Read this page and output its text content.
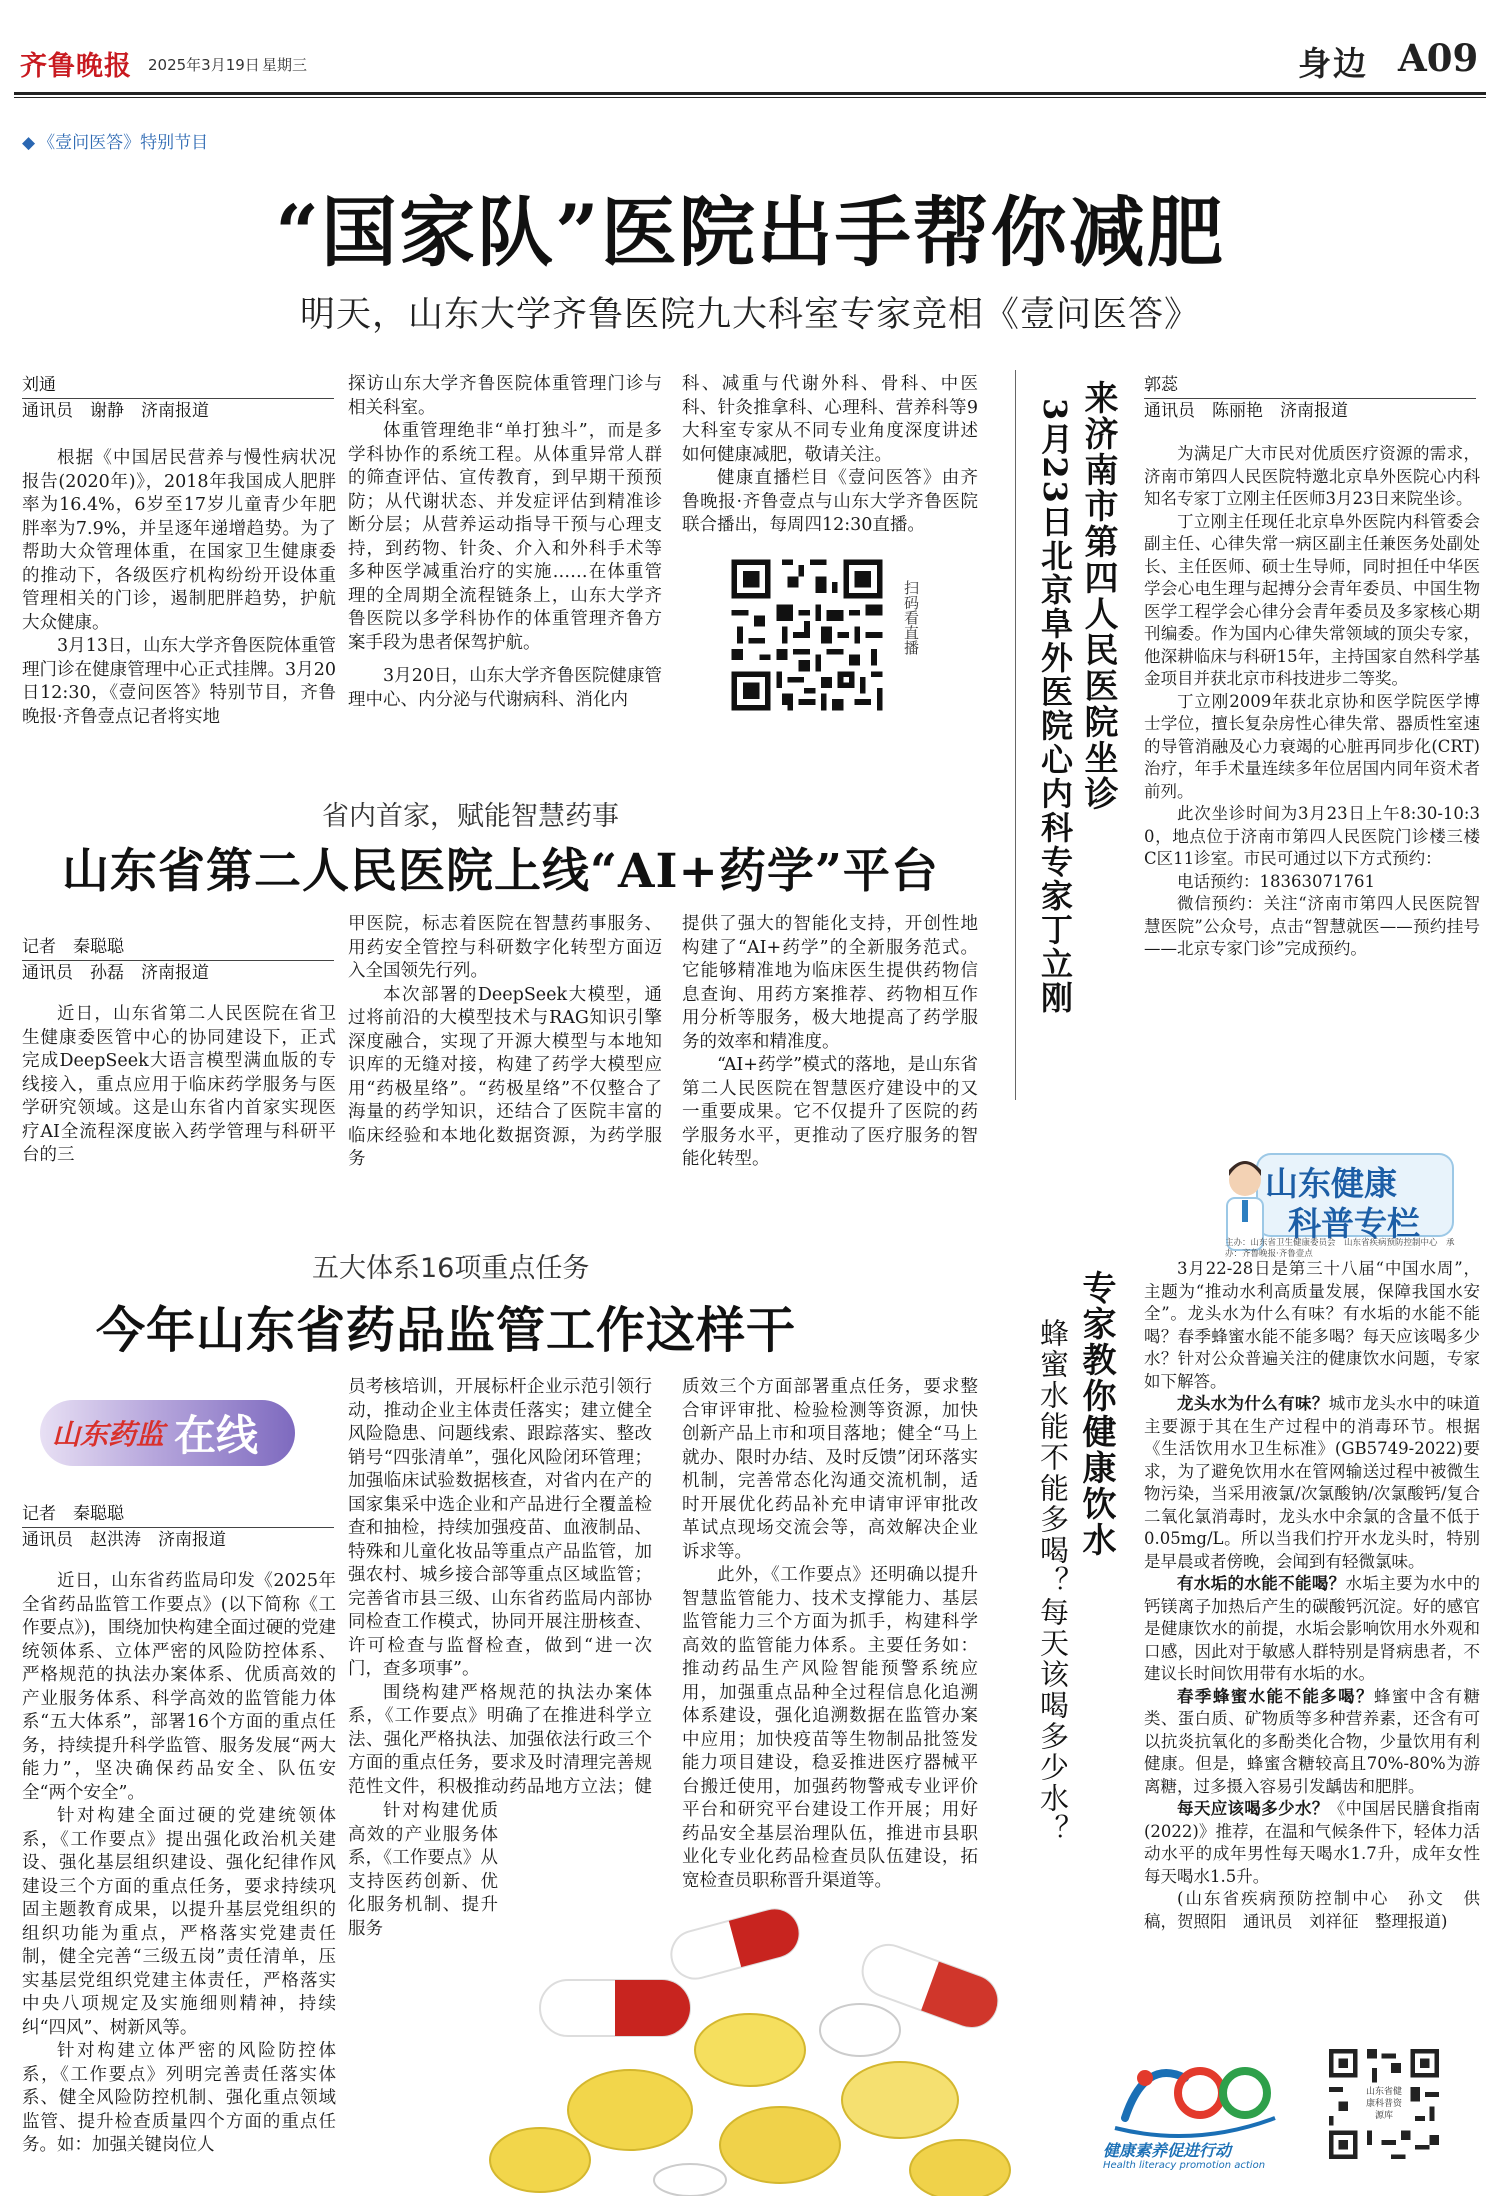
齐鲁晚报 2025年3月19日 星期三	身边 A09
◆ 《壹问医答》特别节目
“国家队”医院出手帮你减肥
明天，山东大学齐鲁医院九大科室专家竞相《壹问医答》
刘通
通讯员　谢静　济南报道

根据《中国居民营养与慢性病状况报告(2020年)》，2018年我国成人肥胖率为16.4%，6岁至17岁儿童青少年肥胖率为7.9%，并呈逐年递增趋势。为了帮助大众管理体重，在国家卫生健康委的推动下，各级医疗机构纷纷开设体重管理相关的门诊，遏制肥胖趋势，护航大众健康。

3月13日，山东大学齐鲁医院体重管理门诊在健康管理中心正式挂牌。3月20日12:30，《壹问医答》特别节目，齐鲁晚报·齐鲁壹点记者将实地

探访山东大学齐鲁医院体重管理门诊与相关科室。

体重管理绝非“单打独斗”，而是多学科协作的系统工程。从体重异常人群的筛查评估、宣传教育，到早期干预预防；从代谢状态、并发症评估到精准诊断分层；从营养运动指导干预与心理支持，到药物、针灸、介入和外科手术等多种医学减重治疗的实施……在体重管理的全周期全流程链条上，山东大学齐鲁医院以多学科协作的体重管理齐鲁方案手段为患者保驾护航。

3月20日，山东大学齐鲁医院健康管理中心、内分泌与代谢病科、消化内

科、减重与代谢外科、骨科、中医科、针灸推拿科、心理科、营养科等9大科室专家从不同专业角度深度讲述如何健康减肥，敬请关注。

健康直播栏目《壹问医答》由齐鲁晚报·齐鲁壹点与山东大学齐鲁医院联合播出，每周四12:30直播。

扫码看直播
省内首家，赋能智慧药事
山东省第二人民医院上线“AI+药学”平台
记者　秦聪聪
通讯员　孙磊　济南报道

近日，山东省第二人民医院在省卫生健康委医管中心的协同建设下，正式完成DeepSeek大语言模型满血版的专线接入，重点应用于临床药学服务与医学研究领域。这是山东省内首家实现医疗AI全流程深度嵌入药学管理与科研平台的三

甲医院，标志着医院在智慧药事服务、用药安全管控与科研数字化转型方面迈入全国领先行列。

本次部署的DeepSeek大模型，通过将前沿的大模型技术与RAG知识引擎深度融合，实现了开源大模型与本地知识库的无缝对接，构建了药学大模型应用“药极星络”。“药极星络”不仅整合了海量的药学知识，还结合了医院丰富的临床经验和本地化数据资源，为药学服务

提供了强大的智能化支持，开创性地构建了“AI+药学”的全新服务范式。它能够精准地为临床医生提供药物信息查询、用药方案推荐、药物相互作用分析等服务，极大地提高了药学服务的效率和精准度。

“AI+药学”模式的落地，是山东省第二人民医院在智慧医疗建设中的又一重要成果。它不仅提升了医院的药学服务水平，更推动了医疗服务的智能化转型。

五大体系16项重点任务
今年山东省药品监管工作这样干
山东药监 在线
记者　秦聪聪
通讯员　赵洪涛　济南报道

近日，山东省药监局印发《2025年全省药品监管工作要点》(以下简称《工作要点》)，围绕加快构建全面过硬的党建统领体系、立体严密的风险防控体系、严格规范的执法办案体系、优质高效的产业服务体系、科学高效的监管能力体系“五大体系”，部署16个方面的重点任务，持续提升科学监管、服务发展“两大能力”，坚决确保药品安全、队伍安全“两个安全”。

针对构建全面过硬的党建统领体系，《工作要点》提出强化政治机关建设、强化基层组织建设、强化纪律作风建设三个方面的重点任务，要求持续巩固主题教育成果，以提升基层党组织的组织功能为重点，严格落实党建责任制，健全完善“三级五岗”责任清单，压实基层党组织党建主体责任，严格落实中央八项规定及实施细则精神，持续纠“四风”、树新风等。

针对构建立体严密的风险防控体系，《工作要点》列明完善责任落实体系、健全风险防控机制、强化重点领域监管、提升检查质量四个方面的重点任务。如：加强关键岗位人

员考核培训，开展标杆企业示范引领行动，推动企业主体责任落实；建立健全风险隐患、问题线索、跟踪落实、整改销号“四张清单”，强化风险闭环管理；加强临床试验数据核查，对省内在产的国家集采中选企业和产品进行全覆盖检查和抽检，持续加强疫苗、血液制品、特殊和儿童化妆品等重点产品监管，加强农村、城乡接合部等重点区域监管；完善省市县三级、山东省药监局内部协同检查工作模式，协同开展注册核查、许可检查与监督检查，做到“进一次门，查多项事”。

围绕构建严格规范的执法办案体系，《工作要点》明确了在推进科学立法、强化严格执法、加强依法行政三个方面的重点任务，要求及时清理完善规范性文件，积极推动药品地方立法；健

针对构建优质高效的产业服务体系，《工作要点》从支持医药创新、优化服务机制、提升服务

质效三个方面部署重点任务，要求整合审评审批、检验检测等资源，加快创新产品上市和项目落地；健全“马上就办、限时办结、及时反馈”闭环落实机制，完善常态化沟通交流机制，适时开展优化药品补充申请审评审批改革试点现场交流会等，高效解决企业诉求等。

此外，《工作要点》还明确以提升智慧监管能力、技术支撑能力、基层监管能力三个方面为抓手，构建科学高效的监管能力体系。主要任务如：推动药品生产风险智能预警系统应用，加强重点品种全过程信息化追溯体系建设，强化追溯数据在监管办案中应用；加快疫苗等生物制品批签发能力项目建设，稳妥推进医疗器械平台搬迁使用，加强药物警戒专业评价平台和研究平台建设工作开展；用好药品安全基层治理队伍，推进市县职业化专业化药品检查员队伍建设，拓宽检查员职称晋升渠道等。

来济南市第四人民医院坐诊
3月23日北京阜外医院心内科专家丁立刚
郭蕊
通讯员　陈丽艳　济南报道

为满足广大市民对优质医疗资源的需求，济南市第四人民医院特邀北京阜外医院心内科知名专家丁立刚主任医师3月23日来院坐诊。

丁立刚主任现任北京阜外医院内科管委会副主任、心律失常一病区副主任兼医务处副处长、主任医师、硕士生导师，同时担任中华医学会心电生理与起搏分会青年委员、中国生物医学工程学会心律分会青年委员及多家核心期刊编委。作为国内心律失常领域的顶尖专家，他深耕临床与科研15年，主持国家自然科学基金项目并获北京市科技进步二等奖。

丁立刚2009年获北京协和医学院医学博士学位，擅长复杂房性心律失常、器质性室速的导管消融及心力衰竭的心脏再同步化(CRT)治疗，年手术量连续多年位居国内同年资术者前列。

此次坐诊时间为3月23日上午8:30-10:30，地点位于济南市第四人民医院门诊楼三楼C区11诊室。市民可通过以下方式预约：

电话预约：18363071761

微信预约：关注“济南市第四人民医院智慧医院”公众号，点击“智慧就医——预约挂号——北京专家门诊”完成预约。

山东健康
科普专栏
主办：山东省卫生健康委员会　山东省疾病预防控制中心　承办：齐鲁晚报·齐鲁壹点
专家教你健康饮水
蜂蜜水能不能多喝？每天该喝多少水？

3月22-28日是第三十八届“中国水周”，主题为“推动水利高质量发展，保障我国水安全”。龙头水为什么有味？有水垢的水能不能喝？春季蜂蜜水能不能多喝？每天应该喝多少水？针对公众普遍关注的健康饮水问题，专家如下解答。

龙头水为什么有味？城市龙头水中的味道主要源于其在生产过程中的消毒环节。根据《生活饮用水卫生标准》(GB5749-2022)要求，为了避免饮用水在管网输送过程中被微生物污染，当采用液氯/次氯酸钠/次氯酸钙/复合二氧化氯消毒时，龙头水中余氯的含量不低于0.05mg/L。所以当我们拧开水龙头时，特别是早晨或者傍晚，会闻到有轻微氯味。

有水垢的水能不能喝？水垢主要为水中的钙镁离子加热后产生的碳酸钙沉淀。好的感官是健康饮水的前提，水垢会影响饮用水外观和口感，因此对于敏感人群特别是肾病患者，不建议长时间饮用带有水垢的水。

春季蜂蜜水能不能多喝？蜂蜜中含有糖类、蛋白质、矿物质等多种营养素，还含有可以抗炎抗氧化的多酚类化合物，少量饮用有利健康。但是，蜂蜜含糖较高且70%-80%为游离糖，过多摄入容易引发龋齿和肥胖。

每天应该喝多少水？《中国居民膳食指南(2022)》推荐，在温和气候条件下，轻体力活动水平的成年男性每天喝水1.7升，成年女性每天喝水1.5升。

(山东省疾病预防控制中心　孙文　供稿，贺照阳　通讯员　刘祥征　整理报道)

健康素养促进行动
Health literacy promotion action
山东省健康科普资源库
